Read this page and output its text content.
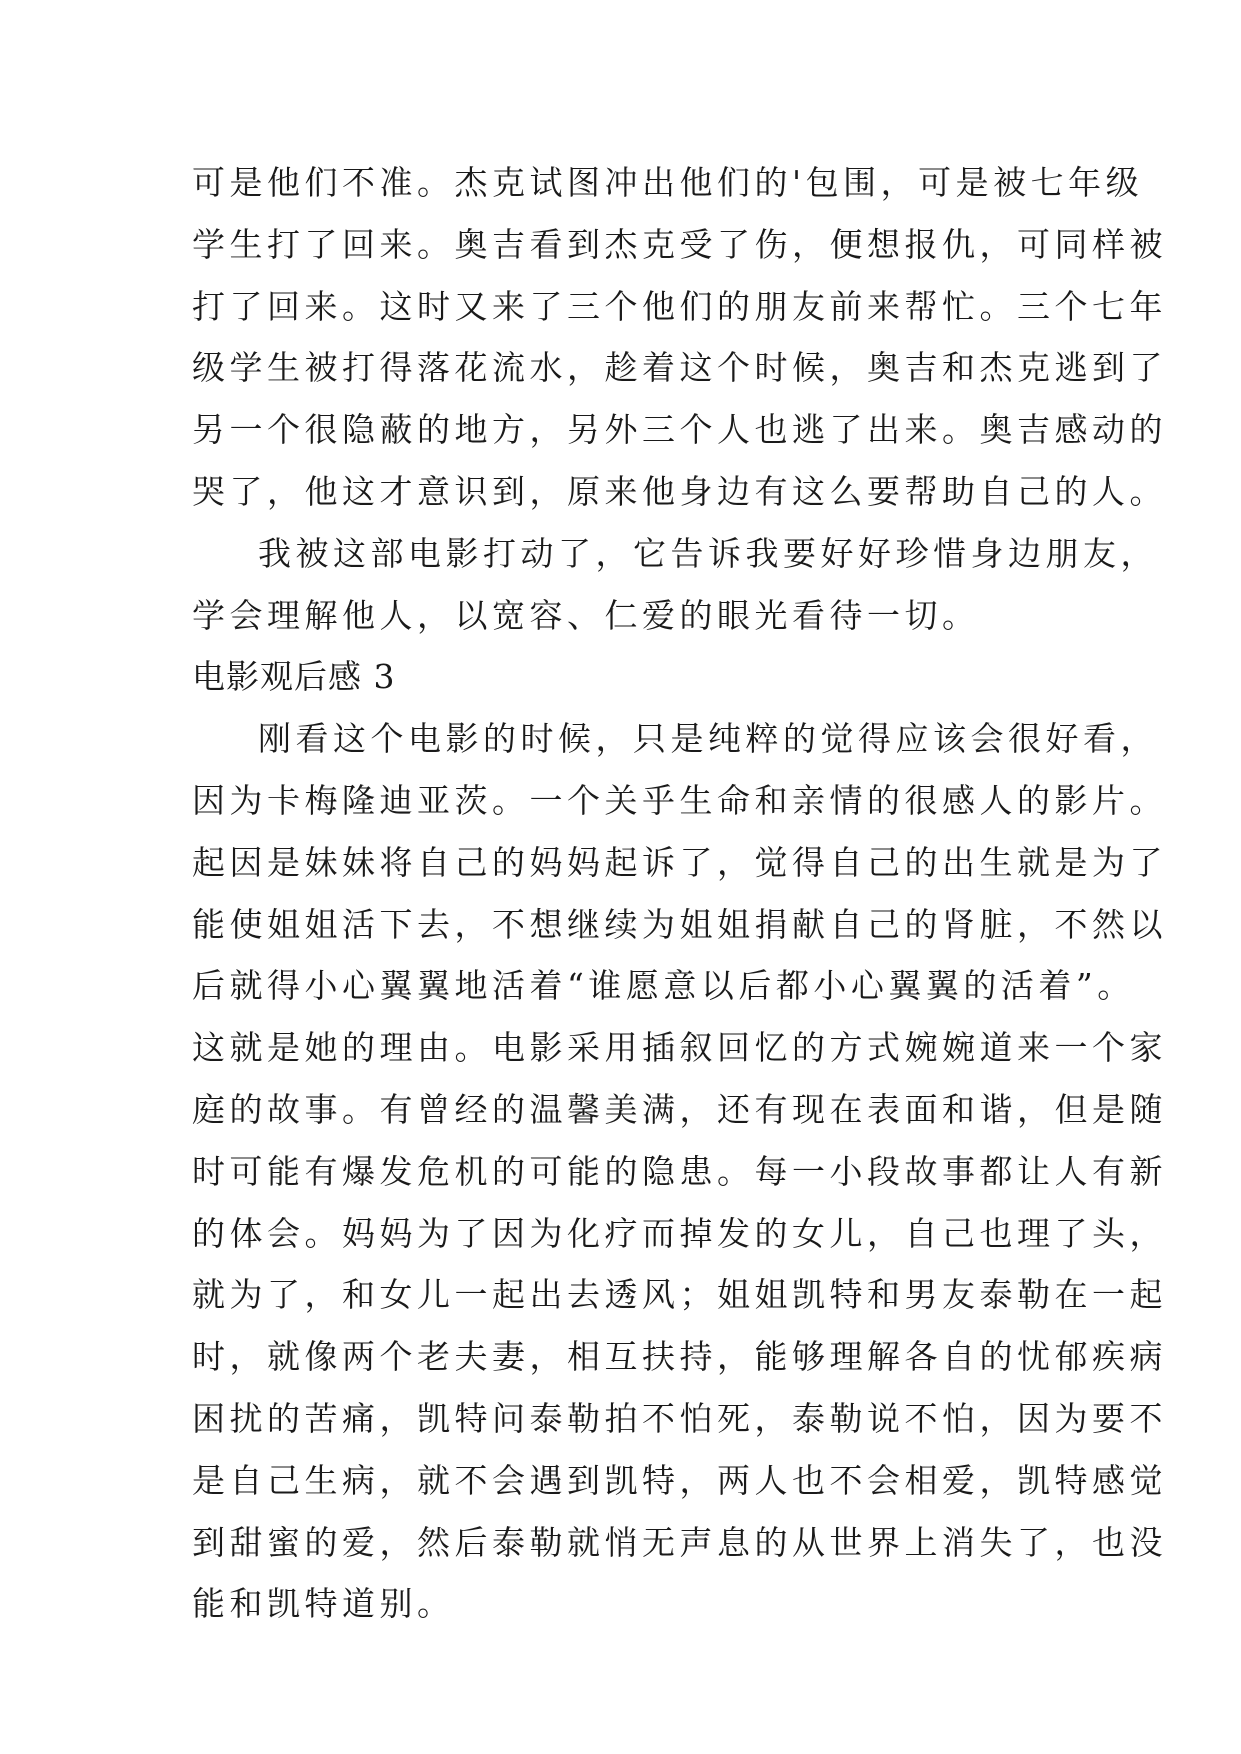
可是他们不准。杰克试图冲出他们的'包围，可是被七年级
学生打了回来。奥吉看到杰克受了伤，便想报仇，可同样被
打了回来。这时又来了三个他们的朋友前来帮忙。三个七年
级学生被打得落花流水，趁着这个时候，奥吉和杰克逃到了
另一个很隐蔽的地方，另外三个人也逃了出来。奥吉感动的
哭了，他这才意识到，原来他身边有这么要帮助自己的人。
我被这部电影打动了，它告诉我要好好珍惜身边朋友，
学会理解他人，以宽容、仁爱的眼光看待一切。
电影观后感 3
刚看这个电影的时候，只是纯粹的觉得应该会很好看，
因为卡梅隆迪亚茨。一个关乎生命和亲情的很感人的影片。
起因是妹妹将自己的妈妈起诉了，觉得自己的出生就是为了
能使姐姐活下去，不想继续为姐姐捐献自己的肾脏，不然以
后就得小心翼翼地活着“谁愿意以后都小心翼翼的活着”。
这就是她的理由。电影采用插叙回忆的方式婉婉道来一个家
庭的故事。有曾经的温馨美满，还有现在表面和谐，但是随
时可能有爆发危机的可能的隐患。每一小段故事都让人有新
的体会。妈妈为了因为化疗而掉发的女儿，自己也理了头，
就为了，和女儿一起出去透风；姐姐凯特和男友泰勒在一起
时，就像两个老夫妻，相互扶持，能够理解各自的忧郁疾病
困扰的苦痛，凯特问泰勒拍不怕死，泰勒说不怕，因为要不
是自己生病，就不会遇到凯特，两人也不会相爱，凯特感觉
到甜蜜的爱，然后泰勒就悄无声息的从世界上消失了，也没
能和凯特道别。
